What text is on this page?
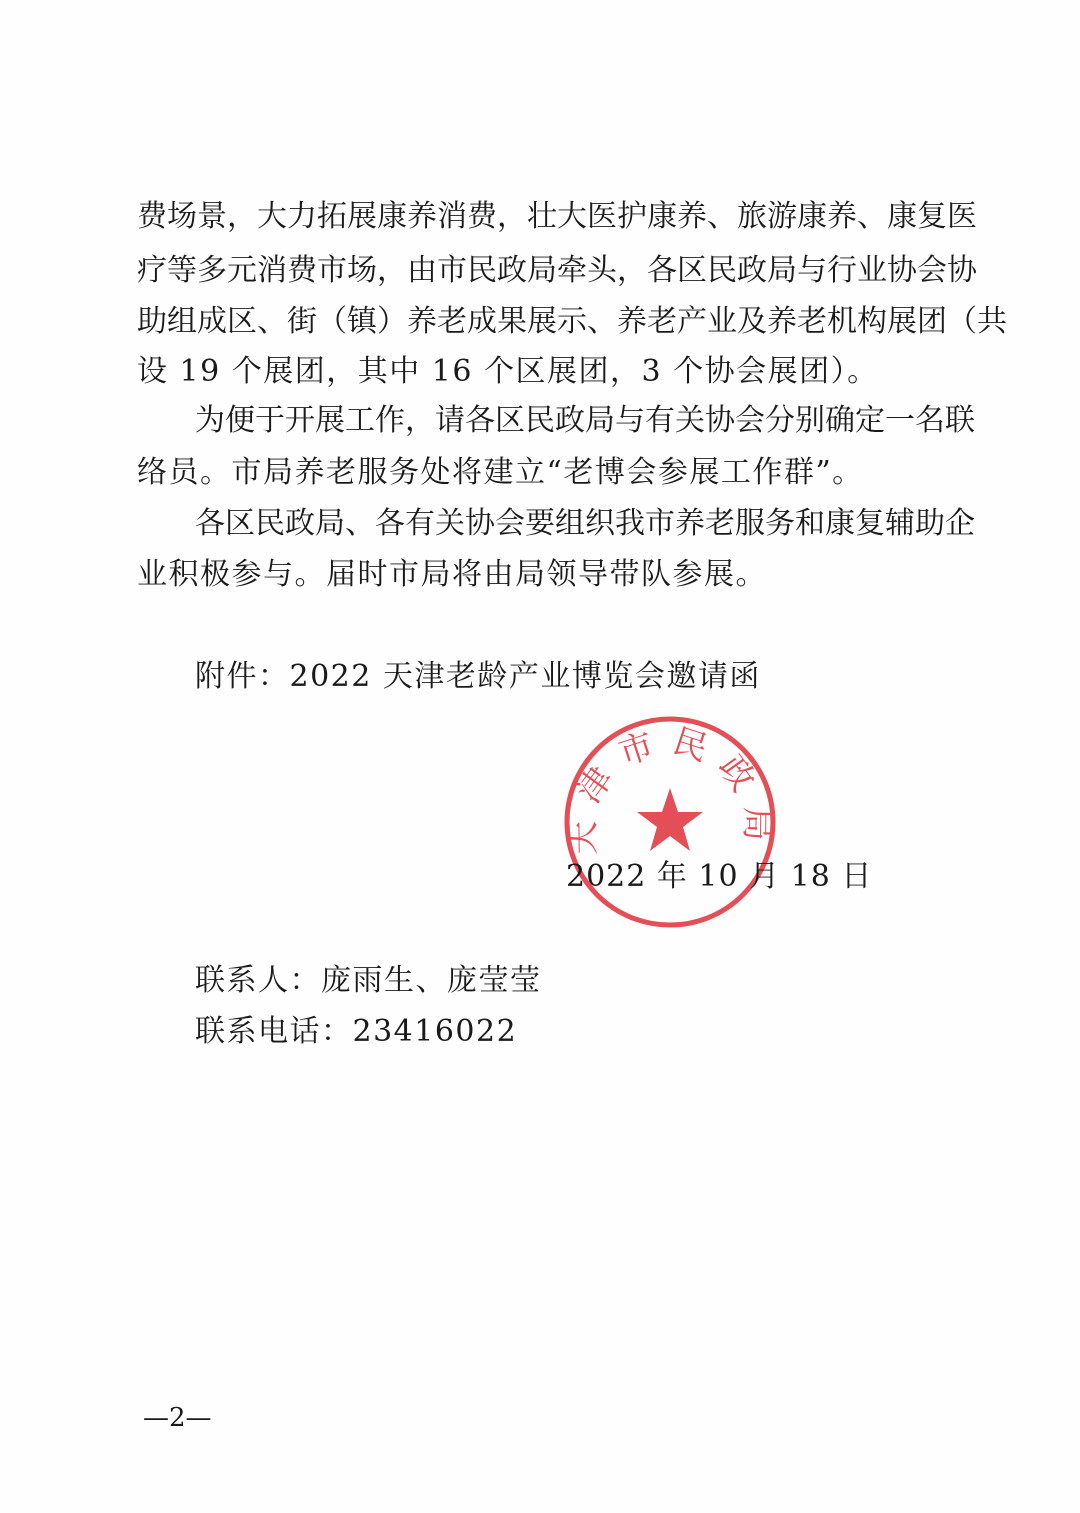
费场景，大力拓展康养消费，壮大医护康养、旅游康养、康复医
疗等多元消费市场，由市民政局牵头，各区民政局与行业协会协
助组成区、街（镇）养老成果展示、养老产业及养老机构展团（共
设 19 个展团，其中 16 个区展团，3 个协会展团）。
为便于开展工作，请各区民政局与有关协会分别确定一名联
络员。市局养老服务处将建立“老博会参展工作群”。
各区民政局、各有关协会要组织我市养老服务和康复辅助企
业积极参与。届时市局将由局领导带队参展。
附件：2022 天津老龄产业博览会邀请函
天津市民政局
2022 年 10 月 18 日
联系人：庞雨生、庞莹莹
联系电话：23416022
—2—
